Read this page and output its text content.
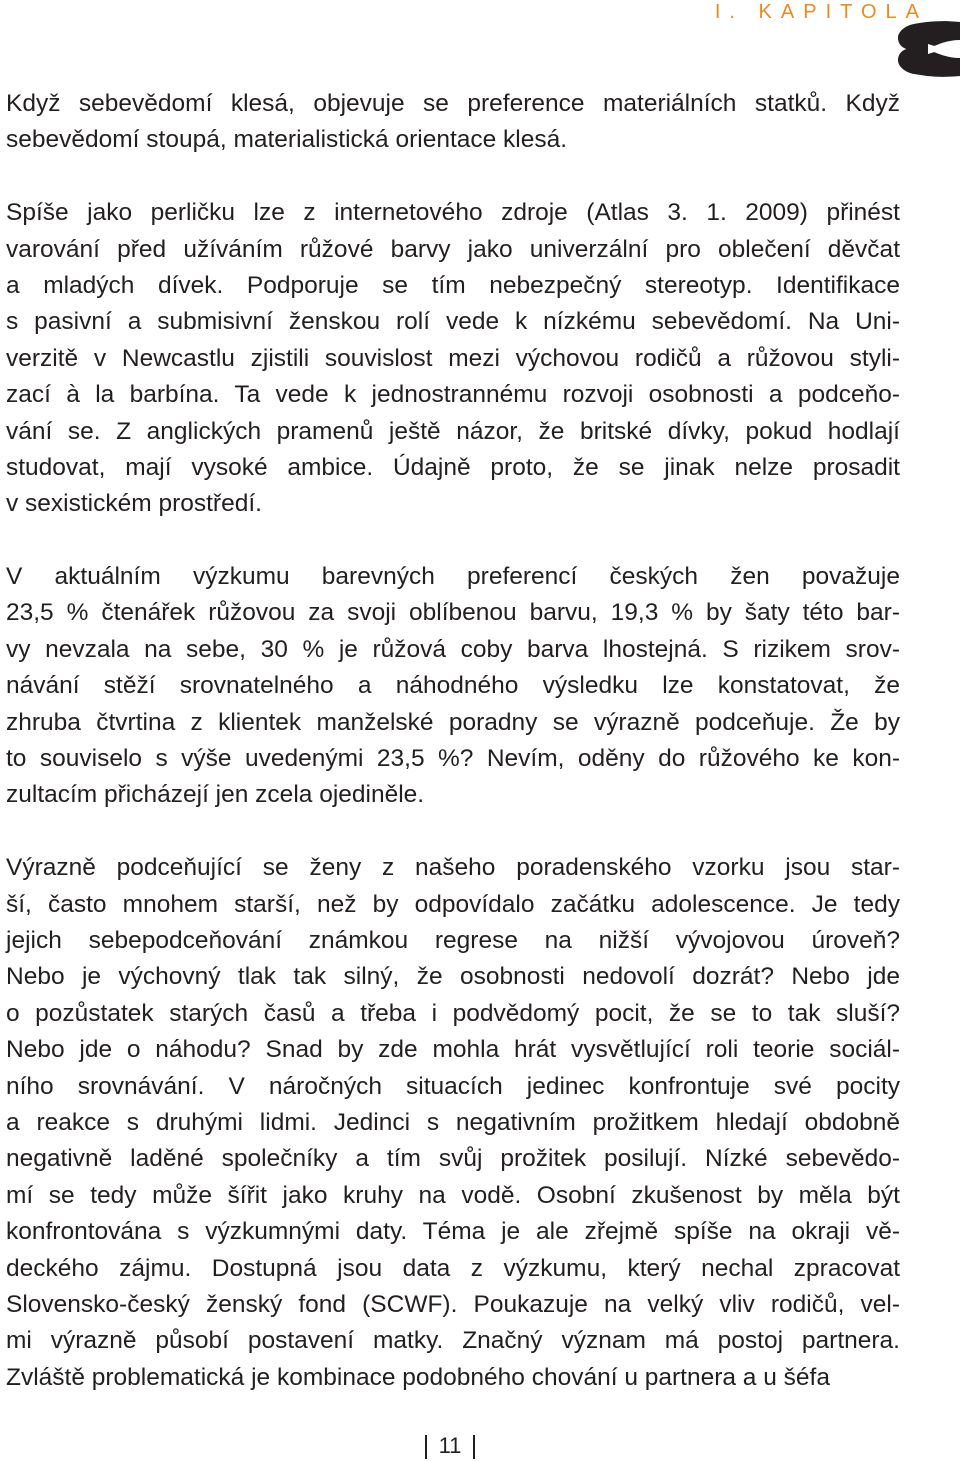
I. KAPITOLA
Když sebevědomí klesá, objevuje se preference materiálních statků. Když
sebevědomí stoupá, materialistická orientace klesá.
Spíše jako perličku lze z internetového zdroje (Atlas 3. 1. 2009) přinést
varování před užíváním růžové barvy jako univerzální pro oblečení děvčat
a mladých dívek. Podporuje se tím nebezpečný stereotyp. Identifikace
s pasivní a submisivní ženskou rolí vede k nízkému sebevědomí. Na Uni-
verzitě v Newcastlu zjistili souvislost mezi výchovou rodičů a růžovou styli-
zací à la barbína. Ta vede k jednostrannému rozvoji osobnosti a podceňo-
vání se. Z anglických pramenů ještě názor, že britské dívky, pokud hodlají
studovat, mají vysoké ambice. Údajně proto, že se jinak nelze prosadit
v sexistickém prostředí.
V aktuálním výzkumu barevných preferencí českých žen považuje
23,5 % čtenářek růžovou za svoji oblíbenou barvu, 19,3 % by šaty této bar-
vy nevzala na sebe, 30 % je růžová coby barva lhostejná. S rizikem srov-
návání stěží srovnatelného a náhodného výsledku lze konstatovat, že
zhruba čtvrtina z klientek manželské poradny se výrazně podceňuje. Že by
to souviselo s výše uvedenými 23,5 %? Nevím, oděny do růžového ke kon-
zultacím přicházejí jen zcela ojediněle.
Výrazně podceňující se ženy z našeho poradenského vzorku jsou star-
ší, často mnohem starší, než by odpovídalo začátku adolescence. Je tedy
jejich sebepodceňování známkou regrese na nižší vývojovou úroveň?
Nebo je výchovný tlak tak silný, že osobnosti nedovolí dozrát? Nebo jde
o pozůstatek starých časů a třeba i podvědomý pocit, že se to tak sluší?
Nebo jde o náhodu? Snad by zde mohla hrát vysvětlující roli teorie sociál-
ního srovnávání. V náročných situacích jedinec konfrontuje své pocity
a reakce s druhými lidmi. Jedinci s negativním prožitkem hledají obdobně
negativně laděné společníky a tím svůj prožitek posilují. Nízké sebevědo-
mí se tedy může šířit jako kruhy na vodě. Osobní zkušenost by měla být
konfrontována s výzkumnými daty. Téma je ale zřejmě spíše na okraji vě-
deckého zájmu. Dostupná jsou data z výzkumu, který nechal zpracovat
Slovensko-český ženský fond (SCWF). Poukazuje na velký vliv rodičů, vel-
mi výrazně působí postavení matky. Značný význam má postoj partnera.
Zvláště problematická je kombinace podobného chování u partnera a u šéfa
11
